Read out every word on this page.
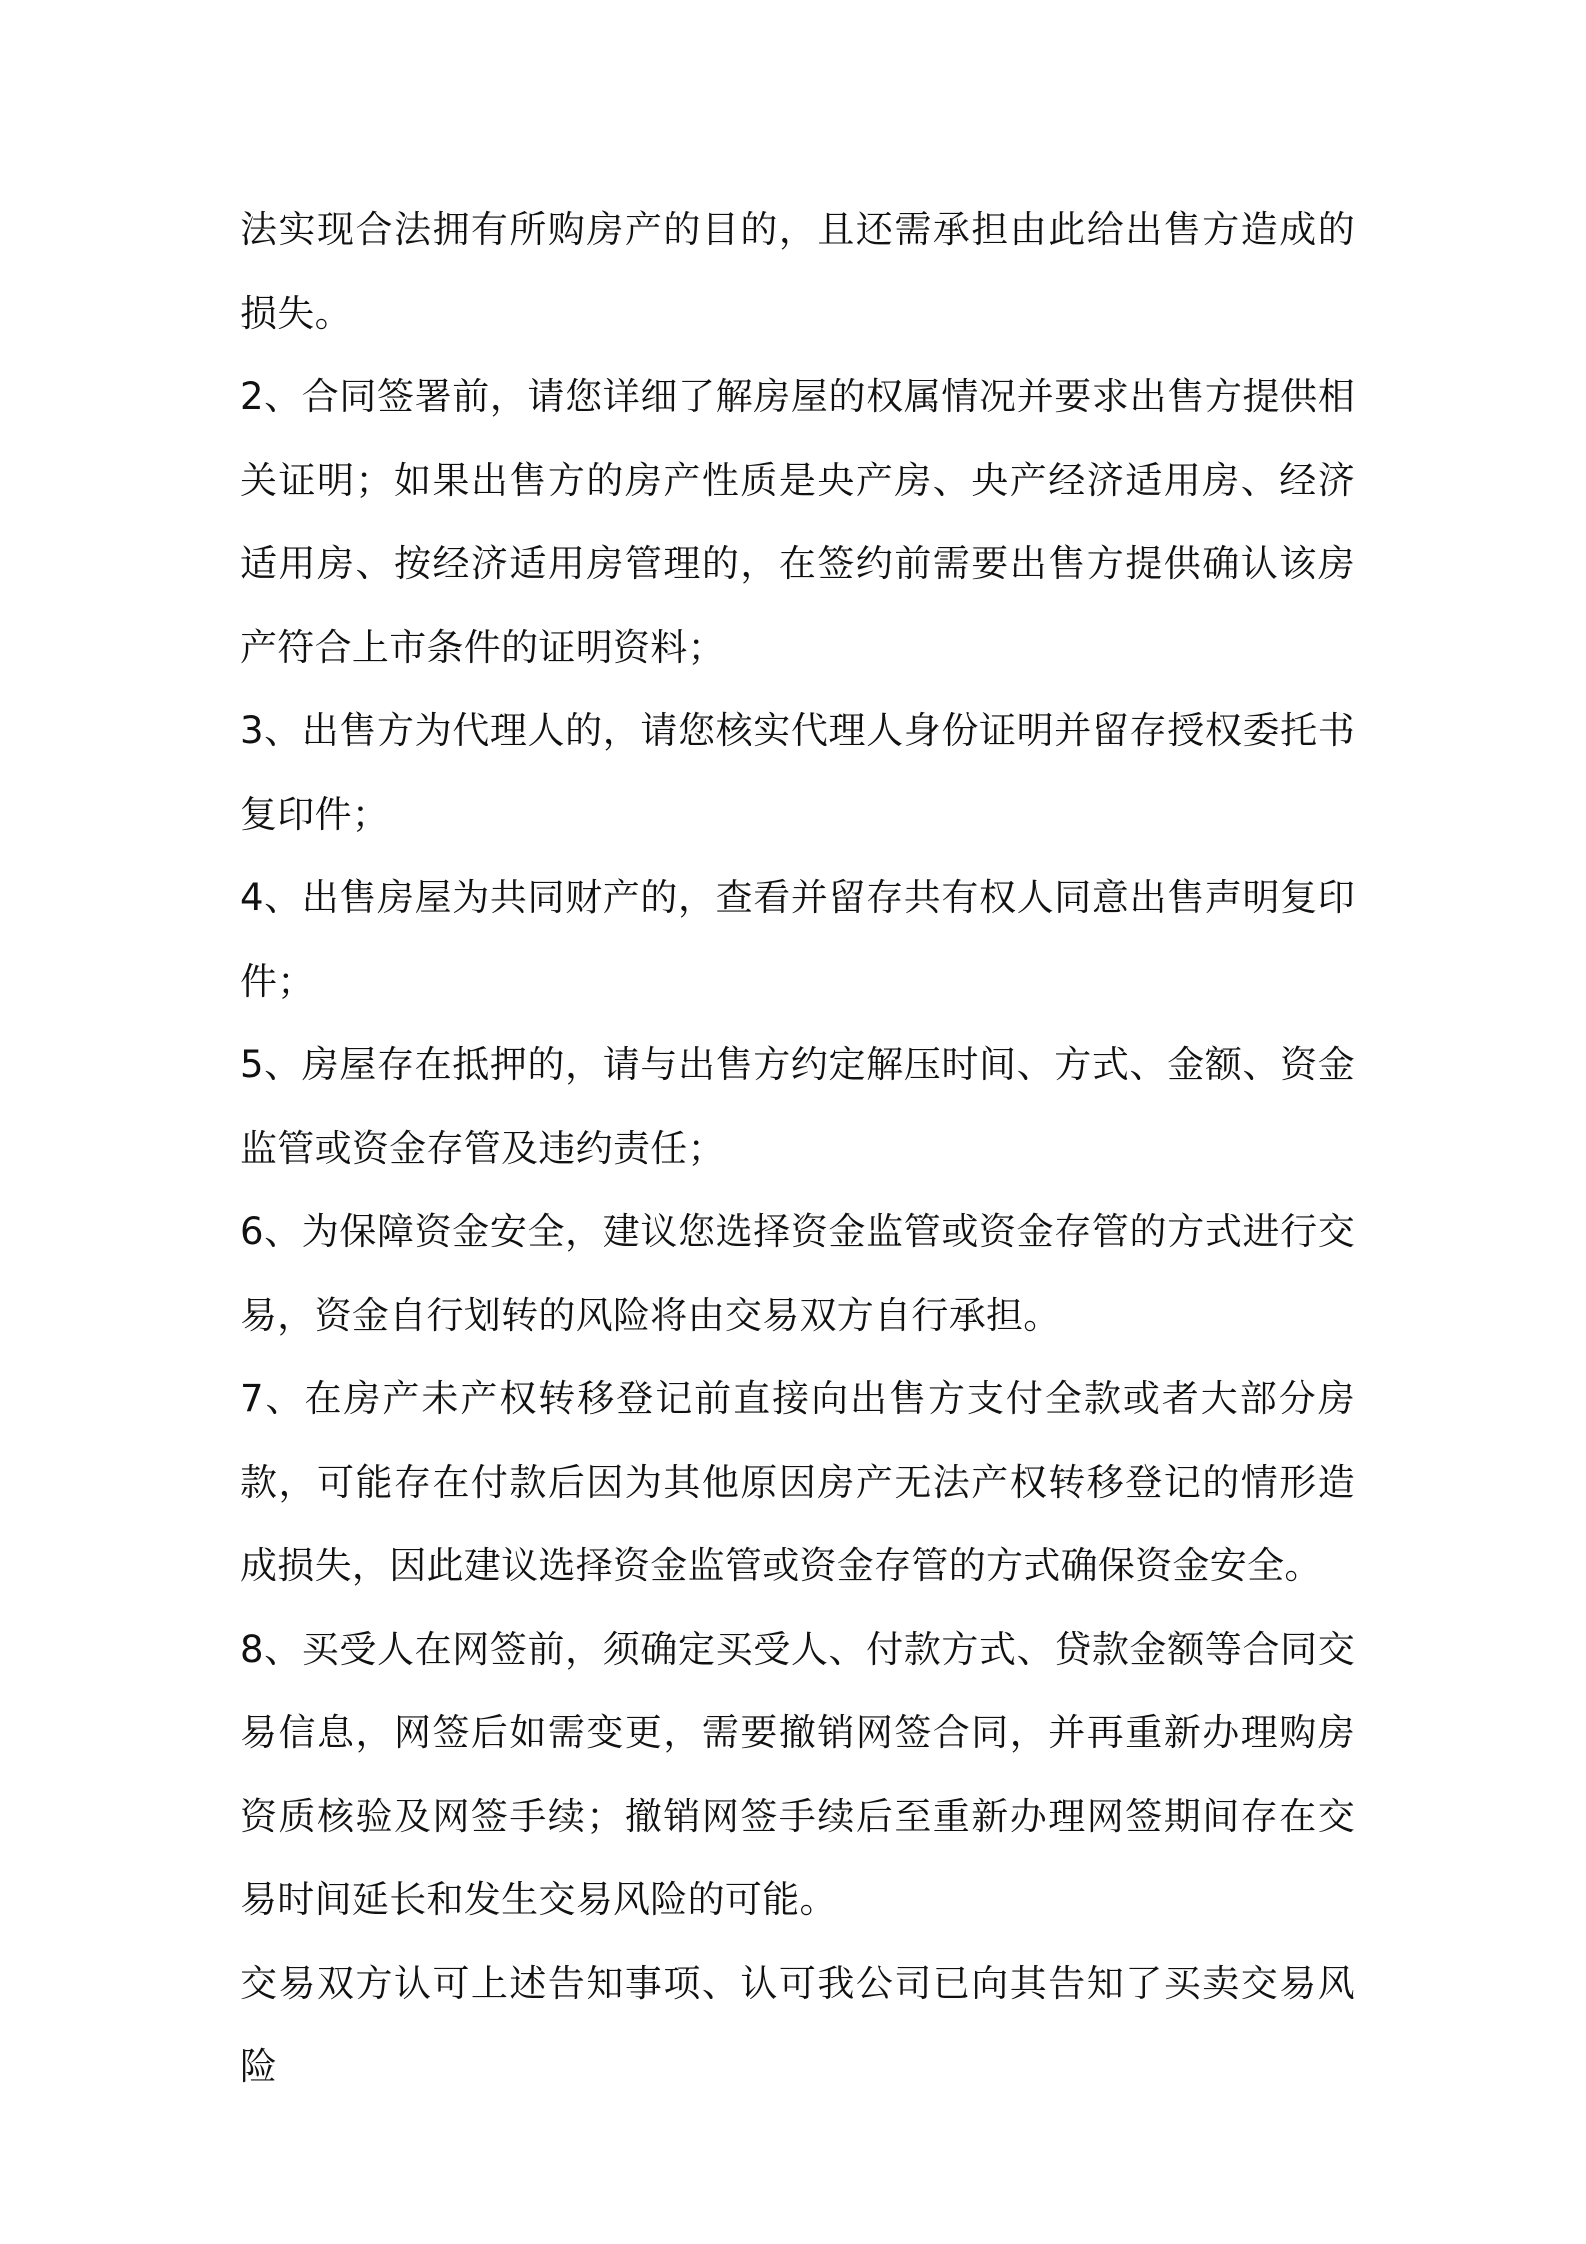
法实现合法拥有所购房产的目的，且还需承担由此给出售方造成的损失。

2、合同签署前，请您详细了解房屋的权属情况并要求出售方提供相关证明；如果出售方的房产性质是央产房、央产经济适用房、经济适用房、按经济适用房管理的，在签约前需要出售方提供确认该房产符合上市条件的证明资料；

3、出售方为代理人的，请您核实代理人身份证明并留存授权委托书复印件；

4、出售房屋为共同财产的，查看并留存共有权人同意出售声明复印件；

5、房屋存在抵押的，请与出售方约定解压时间、方式、金额、资金监管或资金存管及违约责任；

6、为保障资金安全，建议您选择资金监管或资金存管的方式进行交易，资金自行划转的风险将由交易双方自行承担。

7、在房产未产权转移登记前直接向出售方支付全款或者大部分房款，可能存在付款后因为其他原因房产无法产权转移登记的情形造成损失，因此建议选择资金监管或资金存管的方式确保资金安全。

8、买受人在网签前，须确定买受人、付款方式、贷款金额等合同交易信息，网签后如需变更，需要撤销网签合同，并再重新办理购房资质核验及网签手续；撤销网签手续后至重新办理网签期间存在交易时间延长和发生交易风险的可能。

交易双方认可上述告知事项、认可我公司已向其告知了买卖交易风险
